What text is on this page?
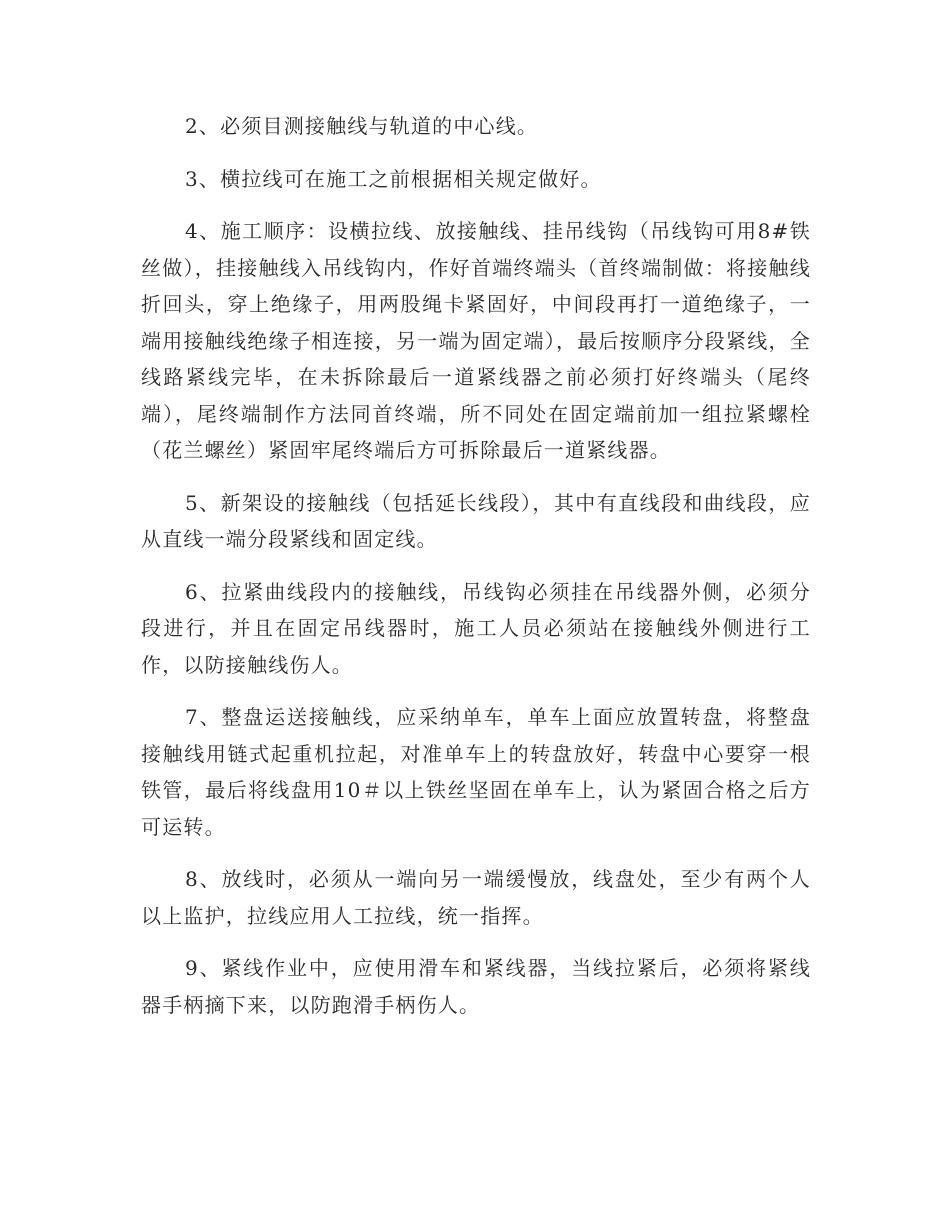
2、必须目测接触线与轨道的中心线。

3、横拉线可在施工之前根据相关规定做好。

4、施工顺序：设横拉线、放接触线、挂吊线钩（吊线钩可用8#铁丝做），挂接触线入吊线钩内，作好首端终端头（首终端制做：将接触线折回头，穿上绝缘子，用两股绳卡紧固好，中间段再打一道绝缘子，一端用接触线绝缘子相连接，另一端为固定端），最后按顺序分段紧线，全线路紧线完毕，在未拆除最后一道紧线器之前必须打好终端头（尾终端），尾终端制作方法同首终端，所不同处在固定端前加一组拉紧螺栓（花兰螺丝）紧固牢尾终端后方可拆除最后一道紧线器。

5、新架设的接触线（包括延长线段），其中有直线段和曲线段，应从直线一端分段紧线和固定线。

6、拉紧曲线段内的接触线，吊线钩必须挂在吊线器外侧，必须分段进行，并且在固定吊线器时，施工人员必须站在接触线外侧进行工作，以防接触线伤人。

7、整盘运送接触线，应采纳单车，单车上面应放置转盘，将整盘接触线用链式起重机拉起，对准单车上的转盘放好，转盘中心要穿一根铁管，最后将线盘用10＃以上铁丝坚固在单车上，认为紧固合格之后方可运转。

8、放线时，必须从一端向另一端缓慢放，线盘处，至少有两个人以上监护，拉线应用人工拉线，统一指挥。

9、紧线作业中，应使用滑车和紧线器，当线拉紧后，必须将紧线器手柄摘下来，以防跑滑手柄伤人。
